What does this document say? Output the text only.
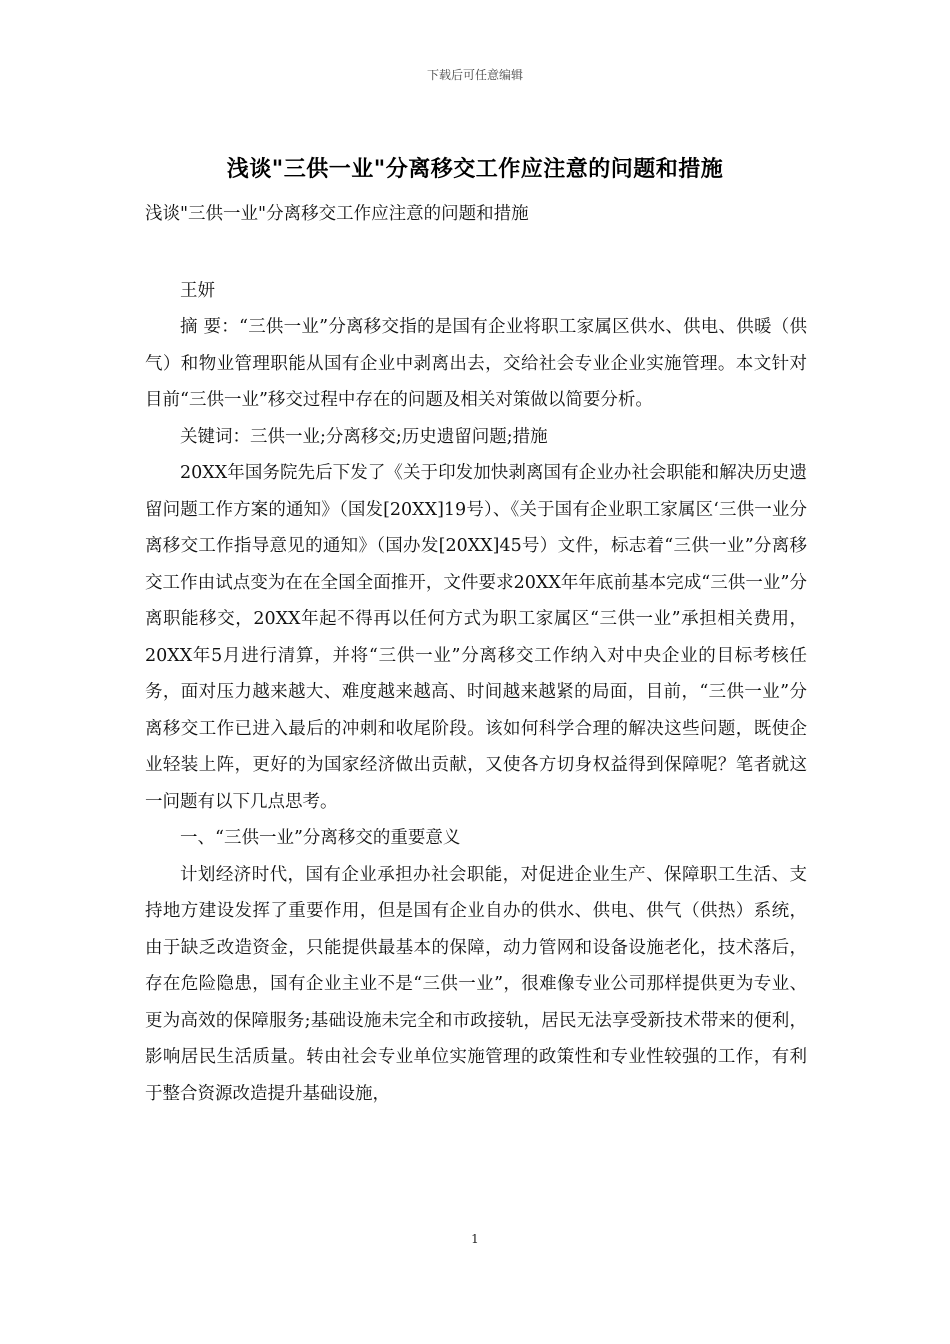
下载后可任意编辑
浅谈"三供一业"分离移交工作应注意的问题和措施

浅谈"三供一业"分离移交工作应注意的问题和措施

王妍

摘 要：“三供一业”分离移交指的是国有企业将职工家属区供水、供电、供暖（供气）和物业管理职能从国有企业中剥离出去，交给社会专业企业实施管理。本文针对目前“三供一业”移交过程中存在的问题及相关对策做以简要分析。

关键词：三供一业;分离移交;历史遗留问题;措施

20XX年国务院先后下发了《关于印发加快剥离国有企业办社会职能和解决历史遗留问题工作方案的通知》（国发[20XX]19号）、《关于国有企业职工家属区‘三供一业分离移交工作指导意见的通知》（国办发[20XX]45号）文件，标志着“三供一业”分离移交工作由试点变为在在全国全面推开，文件要求20XX年年底前基本完成“三供一业”分离职能移交，20XX年起不得再以任何方式为职工家属区“三供一业”承担相关费用，20XX年5月进行清算，并将“三供一业”分离移交工作纳入对中央企业的目标考核任务，面对压力越来越大、难度越来越高、时间越来越紧的局面，目前，“三供一业”分离移交工作已进入最后的冲刺和收尾阶段。该如何科学合理的解决这些问题，既使企业轻装上阵，更好的为国家经济做出贡献，又使各方切身权益得到保障呢？笔者就这一问题有以下几点思考。

一、“三供一业”分离移交的重要意义

计划经济时代，国有企业承担办社会职能，对促进企业生产、保障职工生活、支持地方建设发挥了重要作用，但是国有企业自办的供水、供电、供气（供热）系统，由于缺乏改造资金，只能提供最基本的保障，动力管网和设备设施老化，技术落后，存在危险隐患，国有企业主业不是“三供一业”，很难像专业公司那样提供更为专业、更为高效的保障服务;基础设施未完全和市政接轨，居民无法享受新技术带来的便利，影响居民生活质量。转由社会专业单位实施管理的政策性和专业性较强的工作，有利于整合资源改造提升基础设施，

1
